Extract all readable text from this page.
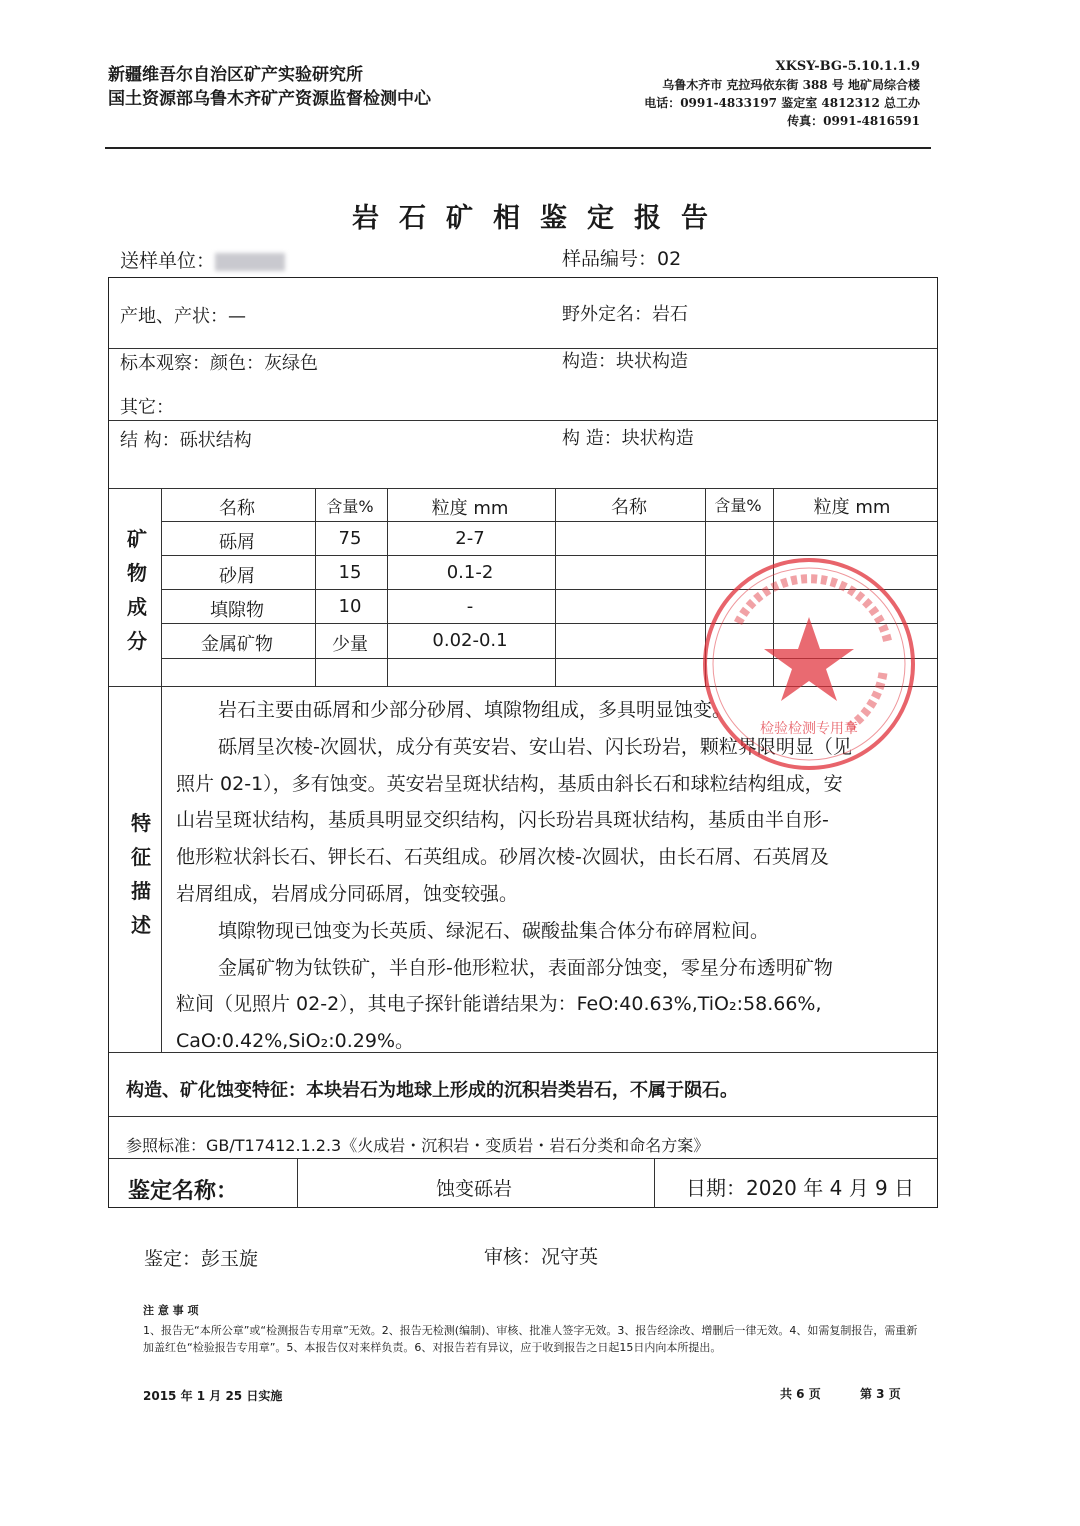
新疆维吾尔自治区矿产实验研究所
国土资源部乌鲁木齐矿产资源监督检测中心
XKSY-BG-5.10.1.1.9
乌鲁木齐市 克拉玛依东街 388 号 地矿局综合楼
电话：0991-4833197 鉴定室 4812312 总工办
传真：0991-4816591
岩石矿相鉴定报告
送样单位：	样品编号：02
产地、产状：—	野外定名：岩石
标本观察：颜色：灰绿色	构造：块状构造
其它：
结 构：砾状结构	构 造：块状构造
矿
物
成
分
名称	含量%	粒度 mm	名称	含量%	粒度 mm
砾屑	75	2-7
砂屑	15	0.1-2
填隙物	10	-
金属矿物	少量	0.02-0.1
特
征
描
述

岩石主要由砾屑和少部分砂屑、填隙物组成，多具明显蚀变。

砾屑呈次棱-次圆状，成分有英安岩、安山岩、闪长玢岩，颗粒界限明显（见

照片 02-1），多有蚀变。英安岩呈斑状结构，基质由斜长石和球粒结构组成，安

山岩呈斑状结构，基质具明显交织结构，闪长玢岩具斑状结构，基质由半自形-

他形粒状斜长石、钾长石、石英组成。砂屑次棱-次圆状，由长石屑、石英屑及

岩屑组成，岩屑成分同砾屑，蚀变较强。

填隙物现已蚀变为长英质、绿泥石、碳酸盐集合体分布碎屑粒间。

金属矿物为钛铁矿，半自形-他形粒状，表面部分蚀变，零星分布透明矿物

粒间（见照片 02-2），其电子探针能谱结果为：FeO:40.63%,TiO₂:58.66%,

CaO:0.42%,SiO₂:0.29%。

构造、矿化蚀变特征：本块岩石为地球上形成的沉积岩类岩石，不属于陨石。
参照标准：GB/T17412.1.2.3《火成岩・沉积岩・变质岩・岩石分类和命名方案》
鉴定名称：	蚀变砾岩	日期：2020 年 4 月 9 日
鉴定：彭玉旋	审核：况守英
注 意 事 项
1、报告无“本所公章”或“检测报告专用章”无效。2、报告无检测(编制)、审核、批准人签字无效。3、报告经涂改、增删后一律无效。4、如需复制报告，需重新加盖红色“检验报告专用章”。5、本报告仅对来样负责。6、对报告若有异议，应于收到报告之日起15日内向本所提出。
2015 年 1 月 25 日实施	共 6 页	第 3 页
检验检测专用章
